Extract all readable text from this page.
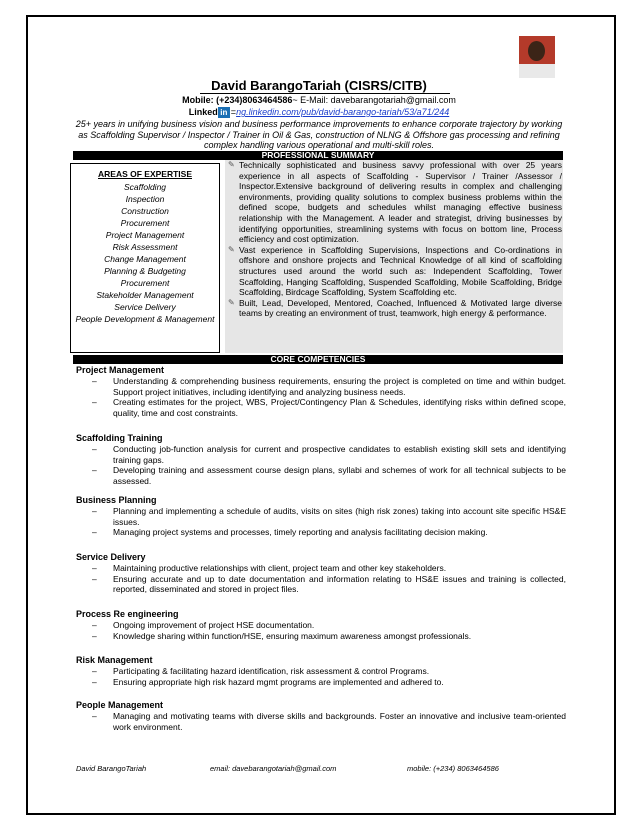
David BarangoTariah (CISRS/CITB)
Mobile: (+234)8063464586~ E-Mail: davebarangotariah@gmail.com
Linked in =ng.linkedin.com/pub/david-barango-tariah/53/a71/244
25+ years in unifying business vision and business performance improvements to enhance corporate trajectory by working as Scaffolding Supervisor / Inspector / Trainer in Oil & Gas, construction of NLNG & Offshore gas processing and refining complex handling various operational and multi-skill roles.
PROFESSIONAL SUMMARY
AREAS OF EXPERTISE
Scaffolding
Inspection
Construction
Procurement
Project Management
Risk Assessment
Change Management
Planning & Budgeting
Procurement
Stakeholder Management
Service Delivery
People Development & Management
✎ Technically sophisticated and business savvy professional with over 25 years experience in all aspects of Scaffolding - Supervisor / Trainer /Assessor / Inspector.Extensive background of delivering results in complex and challenging environments, providing quality solutions to complex business problems within the defined scope, budgets and schedules whilst managing effective business relationship with the Management. A leader and strategist, driving businesses by identifying opportunities, streamlining systems with focus on bottom line, Process efficiency and cost optimization.
✎ Vast experience in Scaffolding Supervisions, Inspections and Co-ordinations in offshore and onshore projects and Technical Knowledge of all kind of scaffolding structures used around the world such as: Independent Scaffolding, Tower Scaffolding, Hanging Scaffolding, Suspended Scaffolding, Mobile Scaffolding, Bridge Scaffolding, Birdcage Scaffolding, System Scaffolding etc.
✎ Built, Lead, Developed, Mentored, Coached, Influenced & Motivated large diverse teams by creating an environment of trust, teamwork, high energy & performance.
CORE COMPETENCIES
Project Management
– Understanding & comprehending business requirements, ensuring the project is completed on time and within budget. Support project initiatives, including identifying and analyzing business needs.
– Creating estimates for the project, WBS, Project/Contingency Plan & Schedules, identifying risks within defined scope, quality, time and cost constraints.
Scaffolding Training
– Conducting job-function analysis for current and prospective candidates to establish existing skill sets and identifying training gaps.
– Developing training and assessment course design plans, syllabi and schemes of work for all technical subjects to be assessed.
Business Planning
– Planning and implementing a schedule of audits, visits on sites (high risk zones) taking into account site specific HS&E issues.
– Managing project systems and processes, timely reporting and analysis facilitating decision making.
Service Delivery
– Maintaining productive relationships with client, project team and other key stakeholders.
– Ensuring accurate and up to date documentation and information relating to HS&E issues and training is collected, reported, disseminated and stored in project files.
Process Re engineering
– Ongoing improvement of project HSE documentation.
– Knowledge sharing within function/HSE, ensuring maximum awareness amongst professionals.
Risk Management
– Participating & facilitating hazard identification, risk assessment & control Programs.
– Ensuring appropriate high risk hazard mgmt programs are implemented and adhered to.
People Management
– Managing and motivating teams with diverse skills and backgrounds. Foster an innovative and inclusive team-oriented work environment.
David BarangoTariah	email: davebarangotariah@gmail.com	mobile: (+234) 8063464586
